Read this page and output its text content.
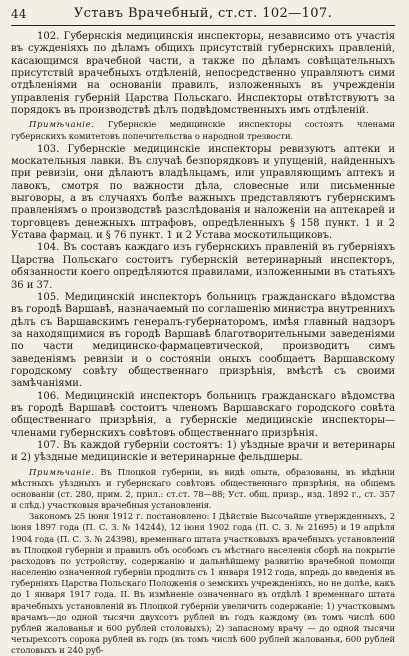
44	Уставъ Врачебный, ст.ст. 102—107.

102. Губернскія медицинскія инспекторы, независимо отъ участія въ сужденіяхъ по дѣламъ общихъ присутствій губернскихъ правленій, касающимся врачебной части, а также по дѣламъ совѣщательныхъ присутствій врачебныхъ отдѣленій, непосредственно управляютъ сими отдѣленіями на основаніи правилъ, изложенныхъ въ учрежденіи управленія губерній Царства Польскаго. Инспекторы отвѣтствуютъ за порядокъ въ производствѣ дѣлъ подвѣдомственныхъ имъ отдѣленій.

Примѣчаніе. Губернскіе медицинскіе инспекторы состоятъ членами губернскихъ комитетовъ попечительства о народной трезвости.

103. Губернскіе медицинскіе инспекторы ревизуютъ аптеки и москательныя лавки. Въ случаѣ безпорядковъ и упущеній, найденныхъ при ревизіи, они дѣлаютъ владѣльцамъ, или управляющимъ аптекъ и лавокъ, смотря по важности дѣла, словесные или письменные выговоры, а въ случаяхъ болѣе важныхъ представляютъ губернскимъ правленіямъ о производствѣ разслѣдованія и наложеніи на аптекарей и торговцевъ денежныхъ штрафовъ, опредѣленныхъ § 158 пункт. 1 и 2 Устава фармац. и § 76 пункт. 1 и 2 Устава москотильщиковъ.

104. Въ составъ каждаго изъ губернскихъ правленій въ губерніяхъ Царства Польскаго состоитъ губернскій ветеринарный инспекторъ, обязанности коего опредѣляются правилами, изложенными въ статьяхъ 36 и 37.

105. Медицинскій инспекторъ больницъ гражданскаго вѣдомства въ городѣ Варшавѣ, назначаемый по соглашенію министра внутреннихъ дѣлъ съ Варшавскимъ генералъ-губернаторомъ, имѣя главный надзоръ за находящимися въ городѣ Варшавѣ благотворительными заведеніями по части медицинско-фармацевтической, производитъ симъ заведеніямъ ревизіи и о состояніи оныхъ сообщаетъ Варшавскому городскому совѣту общественнаго призрѣнія, вмѣстѣ съ своими замѣчаніями.

106. Медицинскій инспекторъ больницъ гражданскаго вѣдомства въ городѣ Варшавѣ состоитъ членомъ Варшавскаго городского совѣта общественнаго призрѣнія, а губернскіе медицинскіе инспекторы—членами губернскихъ совѣтовъ общественнаго призрѣнія.

107. Въ каждой губерніи состоятъ: 1) уѣздные врачи и ветеринары и 2) уѣздные медицинскіе и ветеринарные фельдшеры.

Примѣчаніе. Въ Плоцкой губерніи, въ видѣ опыта, образованы, въ вѣдѣніи мѣстныхъ уѣздныхъ и губернскаго совѣтовъ общественнаго призрѣнія, на общемъ основаніи (ст. 280, прим. 2, прил.: ст.ст. 78—88; Уст. общ. призр., изд. 1892 г., ст. 357 и слѣд.) участковыя врачебныя установленія.

Закономъ 25 іюня 1912 г. постановлено: I Дѣйствіе Высочайше утвержденныхъ, 2 іюня 1897 года (П. С. З. № 14244), 12 іюня 1902 года (П. С. З. № 21695) и 19 апрѣля 1904 года (П. С. З. № 24398), временнаго штата участковыхъ врачебныхъ установленій въ Плоцкой губерніи и правилъ объ особомъ съ мѣстнаго населенія сборѣ на покрытіе расходовъ по устройству, содержанію и дальнѣйшему развитію врачебной помощи населенію означенной губерніи продлить съ 1 января 1912 года, впредь до введенія въ губерніяхъ Царства Польскаго Положенія о земскихъ учрежденіяхъ, но не долѣе, какъ до 1 января 1917 года. II. Въ измѣненіе означеннаго въ отдѣлѣ I временнаго штата врачебныхъ установленій въ Плоцкой губерніи увеличить содержаніе: 1) участковымъ врачамъ—до одной тысячи двухсотъ рублей въ годъ каждому (въ томъ числѣ 600 рублей жалованья и 600 рублей столовыхъ); 2) запасному врачу — до одной тысячи четырехсотъ сорока рублей въ годъ (въ томъ числѣ 600 рублей жалованья, 600 рублей столовыхъ и 240 руб-
